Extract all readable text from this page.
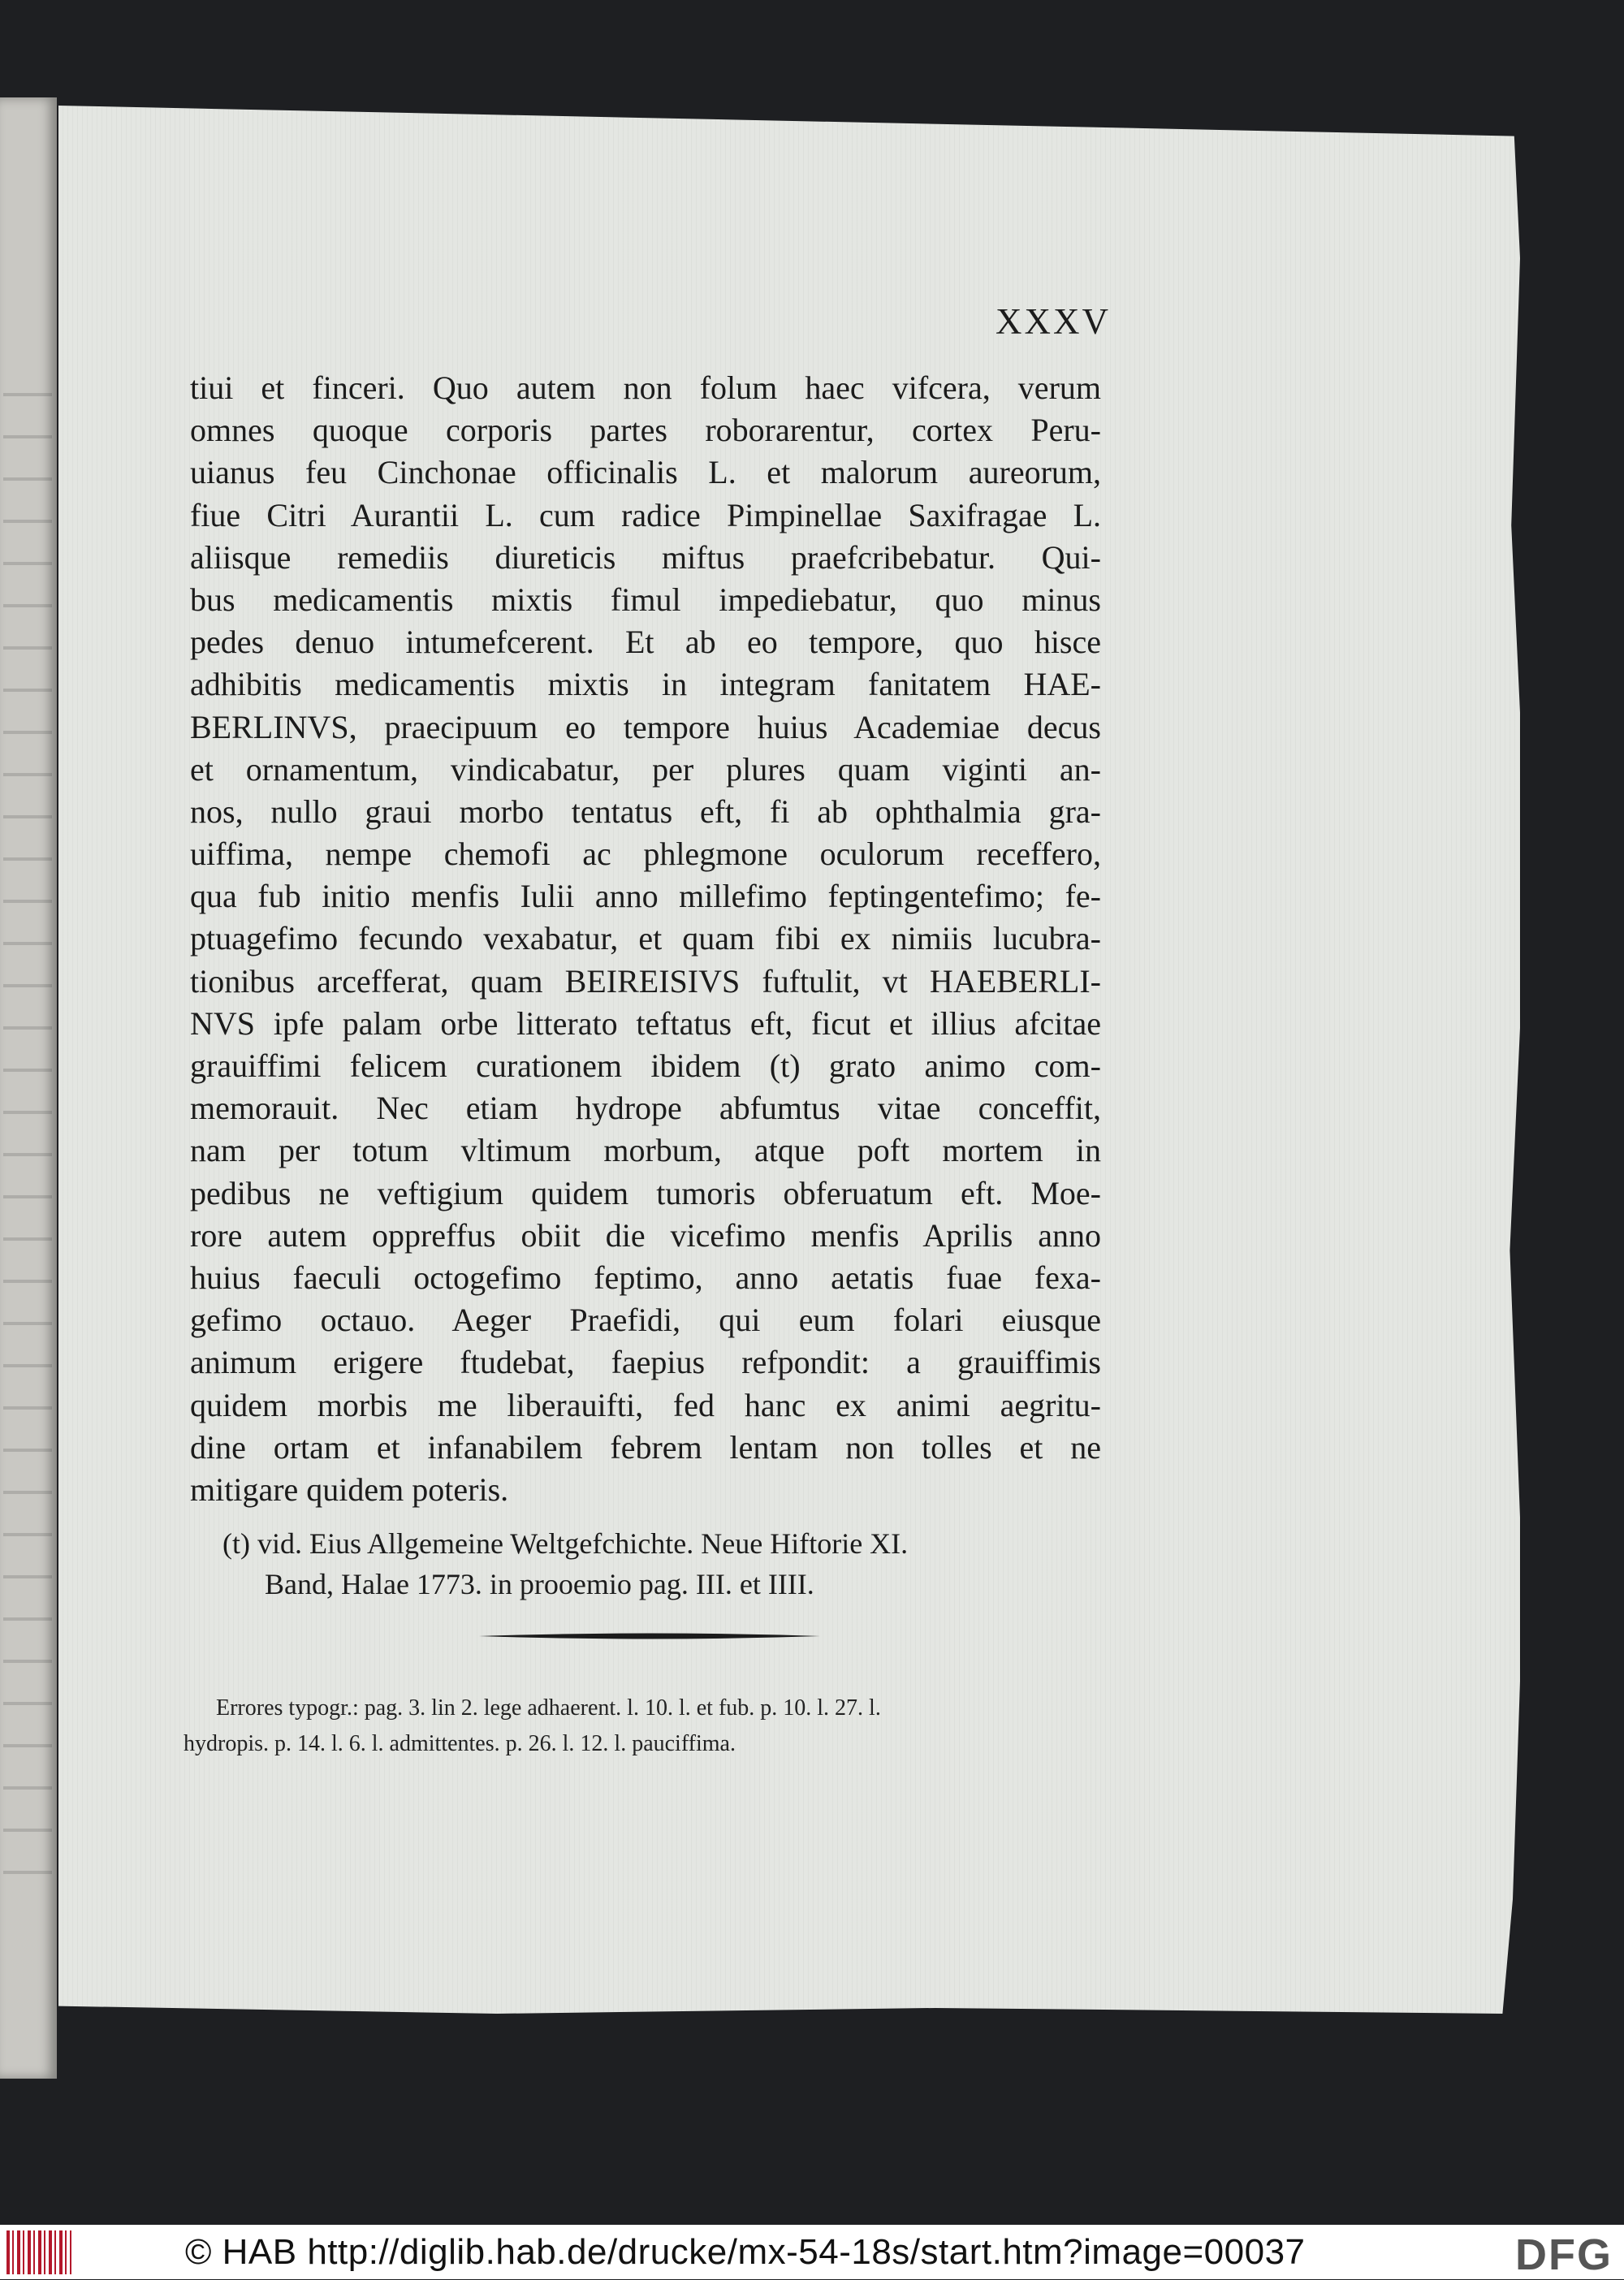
XXXV
tiui et finceri. Quo autem non folum haec vifcera, verum
omnes quoque corporis partes roborarentur, cortex Peru-
uianus feu Cinchonae officinalis L. et malorum aureorum,
fiue Citri Aurantii L. cum radice Pimpinellae Saxifragae L.
aliisque remediis diureticis miftus praefcribebatur. Qui-
bus medicamentis mixtis fimul impediebatur, quo minus
pedes denuo intumefcerent. Et ab eo tempore, quo hisce
adhibitis medicamentis mixtis in integram fanitatem HAE-
BERLINVS, praecipuum eo tempore huius Academiae decus
et ornamentum, vindicabatur, per plures quam viginti an-
nos, nullo graui morbo tentatus eft, fi ab ophthalmia gra-
uiffima, nempe chemofi ac phlegmone oculorum receffero,
qua fub initio menfis Iulii anno millefimo feptingentefimo; fe-
ptuagefimo fecundo vexabatur, et quam fibi ex nimiis lucubra-
tionibus arcefferat, quam BEIREISIVS fuftulit, vt HAEBERLI-
NVS ipfe palam orbe litterato teftatus eft, ficut et illius afcitae
grauiffimi felicem curationem ibidem (t) grato animo com-
memorauit. Nec etiam hydrope abfumtus vitae conceffit,
nam per totum vltimum morbum, atque poft mortem in
pedibus ne veftigium quidem tumoris obferuatum eft. Moe-
rore autem oppreffus obiit die vicefimo menfis Aprilis anno
huius faeculi octogefimo feptimo, anno aetatis fuae fexa-
gefimo octauo. Aeger Praefidi, qui eum folari eiusque
animum erigere ftudebat, faepius refpondit: a grauiffimis
quidem morbis me liberauifti, fed hanc ex animi aegritu-
dine ortam et infanabilem febrem lentam non tolles et ne
mitigare quidem poteris.
(t) vid. Eius Allgemeine Weltgefchichte. Neue Hiftorie XI.
Band, Halae 1773. in prooemio pag. III. et IIII.
Errores typogr.: pag. 3. lin 2. lege adhaerent. l. 10. l. et fub. p. 10. l. 27. l.
hydropis. p. 14. l. 6. l. admittentes. p. 26. l. 12. l. pauciffima.
© HAB http://diglib.hab.de/drucke/mx-54-18s/start.htm?image=00037	DFG
